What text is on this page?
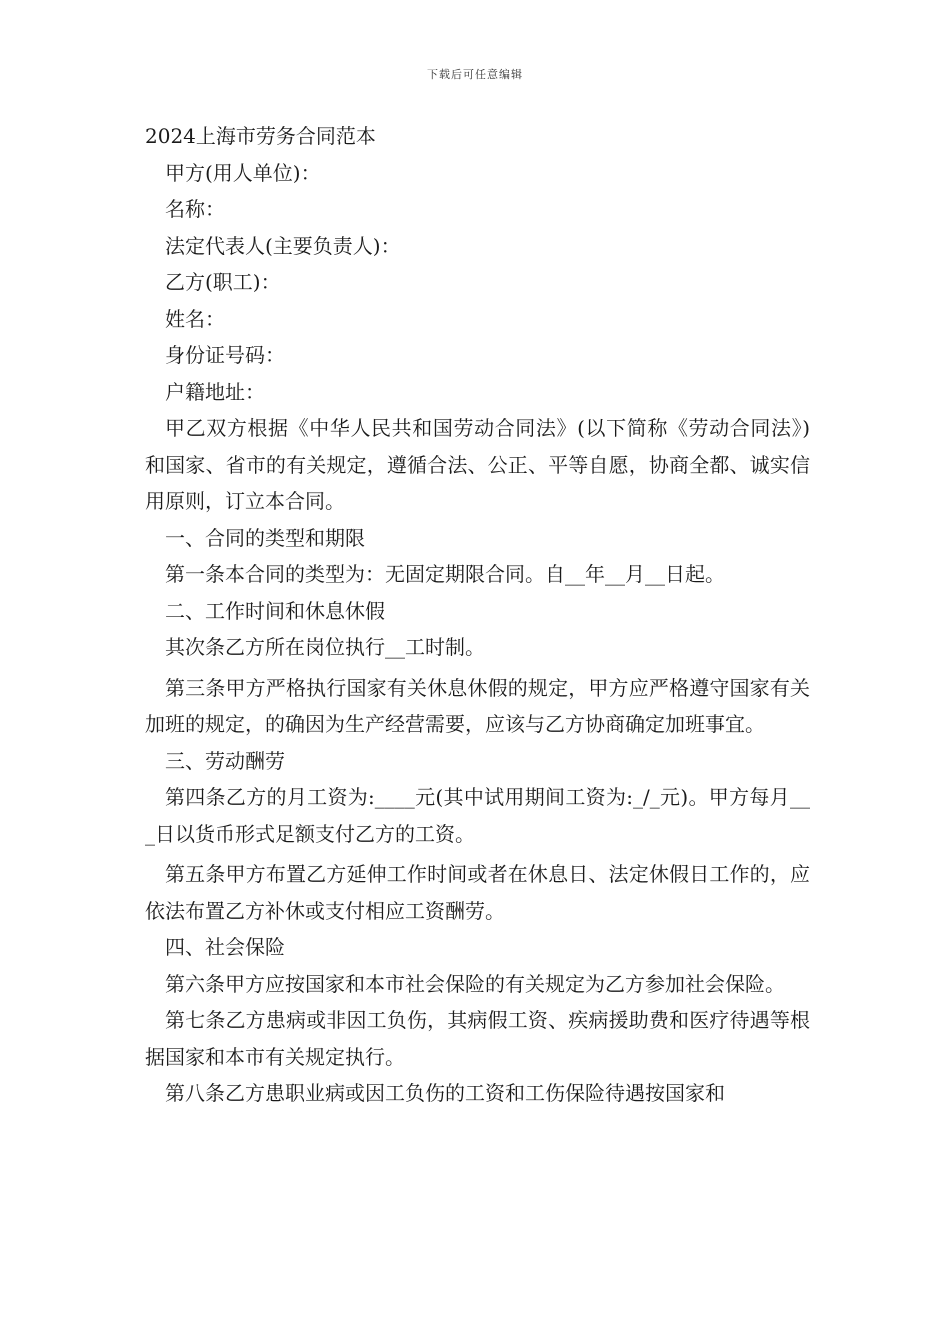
下载后可任意编辑

2024上海市劳务合同范本

甲方(用人单位)：

名称：

法定代表人(主要负责人)：

乙方(职工)：

姓名：

身份证号码：

户籍地址：

甲乙双方根据《中华人民共和国劳动合同法》(以下简称《劳动合同法》)和国家、省市的有关规定，遵循合法、公正、平等自愿，协商全都、诚实信用原则，订立本合同。

一、合同的类型和期限

第一条本合同的类型为：无固定期限合同。自__年__月__日起。

二、工作时间和休息休假

其次条乙方所在岗位执行__工时制。

第三条甲方严格执行国家有关休息休假的规定，甲方应严格遵守国家有关加班的规定，的确因为生产经营需要，应该与乙方协商确定加班事宜。

三、劳动酬劳

第四条乙方的月工资为:____元(其中试用期间工资为:_/_元)。甲方每月___日以货币形式足额支付乙方的工资。

第五条甲方布置乙方延伸工作时间或者在休息日、法定休假日工作的，应依法布置乙方补休或支付相应工资酬劳。

四、社会保险

第六条甲方应按国家和本市社会保险的有关规定为乙方参加社会保险。

第七条乙方患病或非因工负伤，其病假工资、疾病援助费和医疗待遇等根据国家和本市有关规定执行。

第八条乙方患职业病或因工负伤的工资和工伤保险待遇按国家和
